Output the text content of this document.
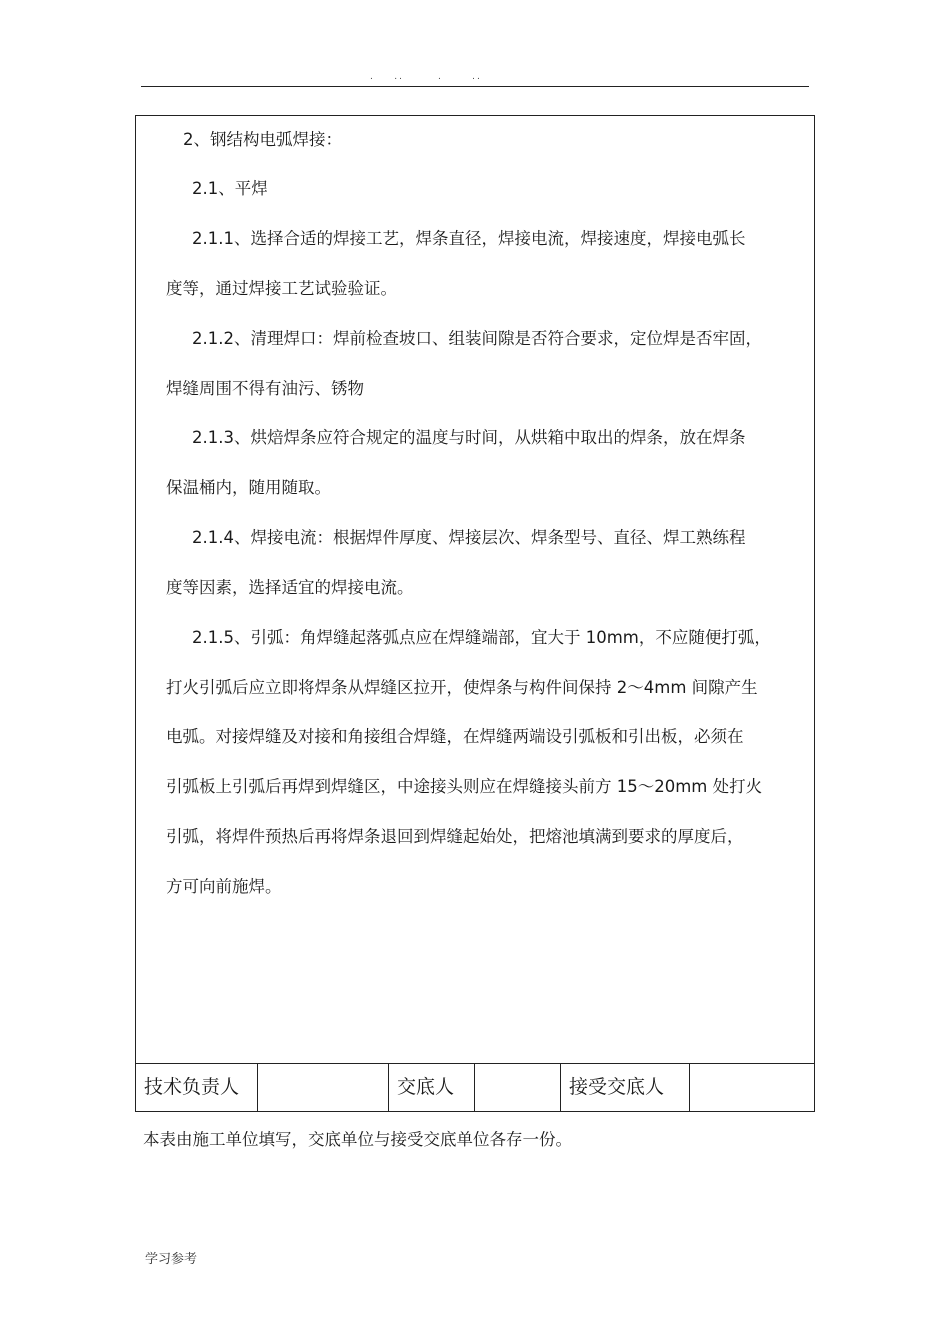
.    ..       .      ..
2、钢结构电弧焊接：
2.1、平焊
2.1.1、选择合适的焊接工艺，焊条直径，焊接电流，焊接速度，焊接电弧长
度等，通过焊接工艺试验验证。
2.1.2、清理焊口：焊前检查坡口、组装间隙是否符合要求，定位焊是否牢固，
焊缝周围不得有油污、锈物
2.1.3、烘焙焊条应符合规定的温度与时间，从烘箱中取出的焊条，放在焊条
保温桶内，随用随取。
2.1.4、焊接电流：根据焊件厚度、焊接层次、焊条型号、直径、焊工熟练程
度等因素，选择适宜的焊接电流。
2.1.5、引弧：角焊缝起落弧点应在焊缝端部，宜大于 10mm，不应随便打弧，
打火引弧后应立即将焊条从焊缝区拉开，使焊条与构件间保持 2～4mm 间隙产生
电弧。对接焊缝及对接和角接组合焊缝，在焊缝两端设引弧板和引出板，必须在
引弧板上引弧后再焊到焊缝区，中途接头则应在焊缝接头前方 15～20mm 处打火
引弧，将焊件预热后再将焊条退回到焊缝起始处，把熔池填满到要求的厚度后，
方可向前施焊。
技术负责人	交底人	接受交底人
本表由施工单位填写，交底单位与接受交底单位各存一份。
学习参考
